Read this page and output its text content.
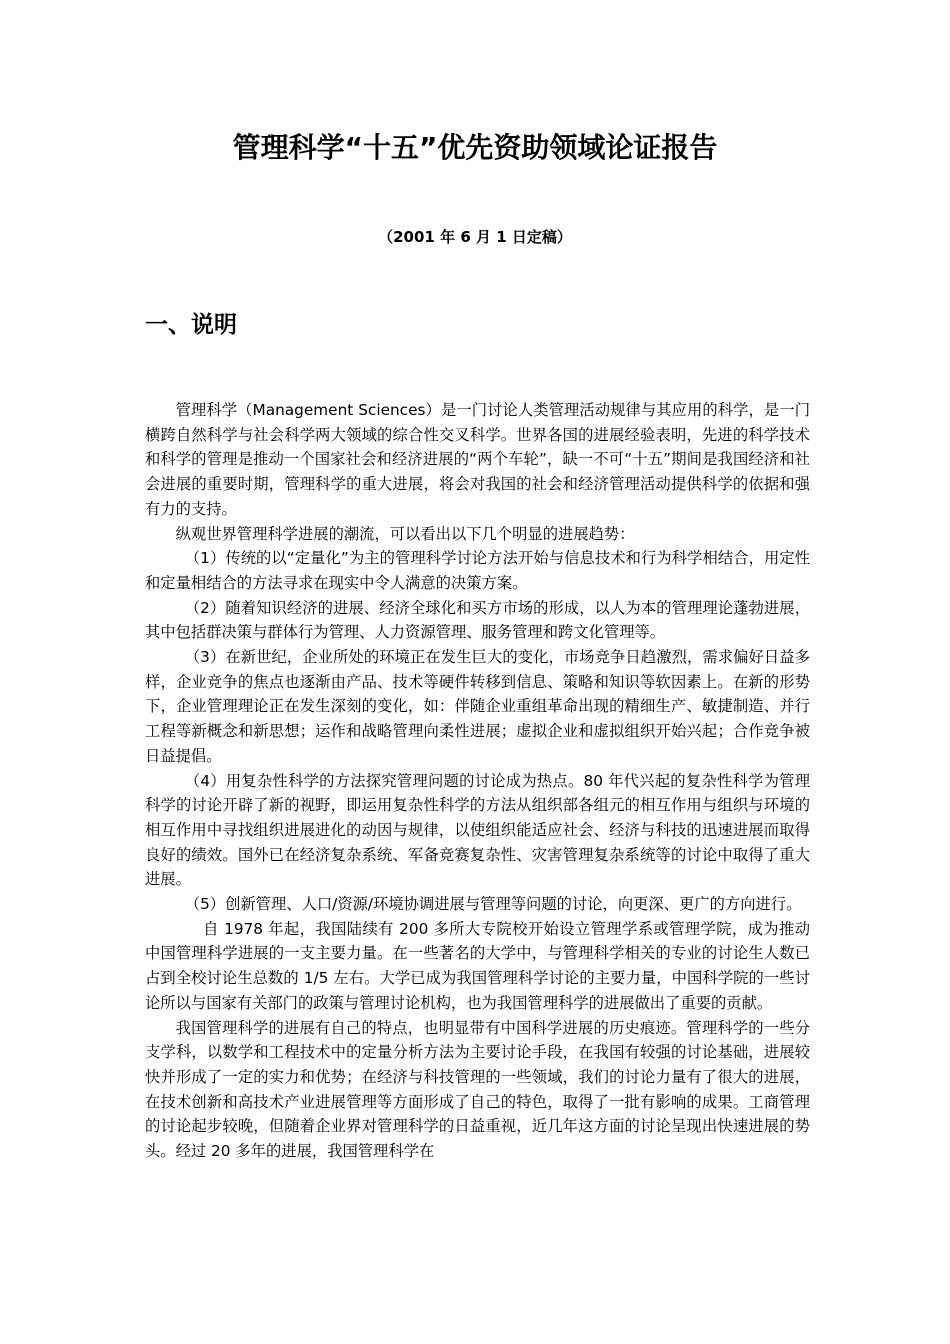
管理科学“十五”优先资助领域论证报告
（2001 年 6 月 1 日定稿）
一、说明

管理科学（Management Sciences）是一门讨论人类管理活动规律与其应用的科学，是一门横跨自然科学与社会科学两大领域的综合性交叉科学。世界各国的进展经验表明，先进的科学技术和科学的管理是推动一个国家社会和经济进展的“两个车轮”，缺一不可“十五”期间是我国经济和社会进展的重要时期，管理科学的重大进展，将会对我国的社会和经济管理活动提供科学的依据和强有力的支持。

纵观世界管理科学进展的潮流，可以看出以下几个明显的进展趋势：

（1）传统的以“定量化”为主的管理科学讨论方法开始与信息技术和行为科学相结合，用定性和定量相结合的方法寻求在现实中令人满意的决策方案。

（2）随着知识经济的进展、经济全球化和买方市场的形成，以人为本的管理理论蓬勃进展，其中包括群决策与群体行为管理、人力资源管理、服务管理和跨文化管理等。

（3）在新世纪，企业所处的环境正在发生巨大的变化，市场竞争日趋激烈，需求偏好日益多样，企业竞争的焦点也逐渐由产品、技术等硬件转移到信息、策略和知识等软因素上。在新的形势下，企业管理理论正在发生深刻的变化，如：伴随企业重组革命出现的精细生产、敏捷制造、并行工程等新概念和新思想；运作和战略管理向柔性进展；虚拟企业和虚拟组织开始兴起；合作竞争被日益提倡。

（4）用复杂性科学的方法探究管理问题的讨论成为热点。80 年代兴起的复杂性科学为管理科学的讨论开辟了新的视野，即运用复杂性科学的方法从组织部各组元的相互作用与组织与环境的相互作用中寻找组织进展进化的动因与规律，以使组织能适应社会、经济与科技的迅速进展而取得良好的绩效。国外已在经济复杂系统、军备竞赛复杂性、灾害管理复杂系统等的讨论中取得了重大进展。

（5）创新管理、人口/资源/环境协调进展与管理等问题的讨论，向更深、更广的方向进行。

自 1978 年起，我国陆续有 200 多所大专院校开始设立管理学系或管理学院，成为推动中国管理科学进展的一支主要力量。在一些著名的大学中，与管理科学相关的专业的讨论生人数已占到全校讨论生总数的 1/5 左右。大学已成为我国管理科学讨论的主要力量，中国科学院的一些讨论所以与国家有关部门的政策与管理讨论机构，也为我国管理科学的进展做出了重要的贡献。

我国管理科学的进展有自己的特点，也明显带有中国科学进展的历史痕迹。管理科学的一些分支学科，以数学和工程技术中的定量分析方法为主要讨论手段，在我国有较强的讨论基础，进展较快并形成了一定的实力和优势；在经济与科技管理的一些领域，我们的讨论力量有了很大的进展，在技术创新和高技术产业进展管理等方面形成了自己的特色，取得了一批有影响的成果。工商管理的讨论起步较晚，但随着企业界对管理科学的日益重视，近几年这方面的讨论呈现出快速进展的势头。经过 20 多年的进展，我国管理科学在
